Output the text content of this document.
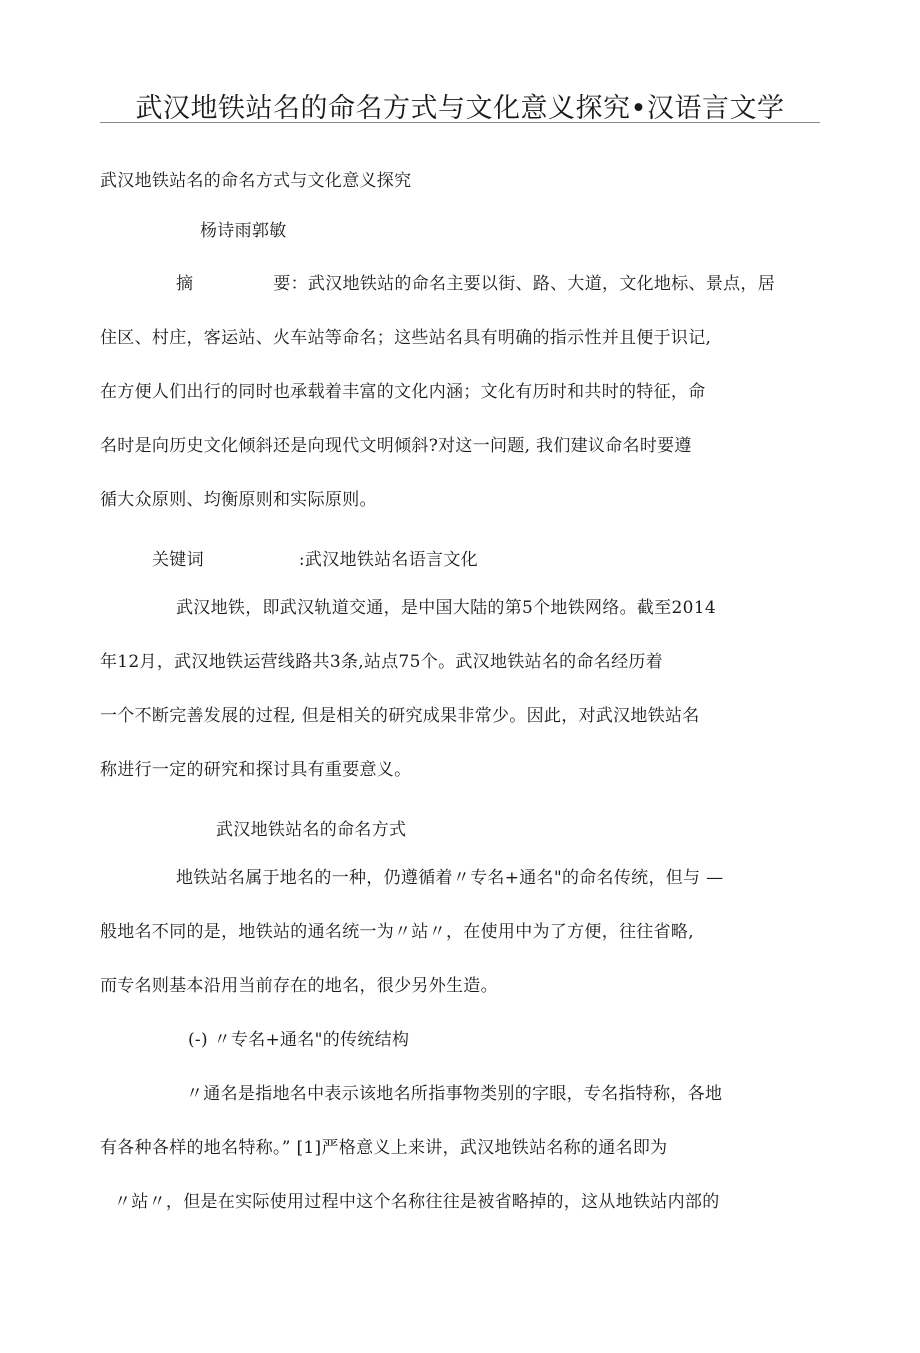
武汉地铁站名的命名方式与文化意义探究•汉语言文学
武汉地铁站名的命名方式与文化意义探究
杨诗雨郭敏
摘	要：武汉地铁站的命名主要以街、路、大道，文化地标、景点，居
住区、村庄，客运站、火车站等命名；这些站名具有明确的指示性并且便于识记,
在方便人们出行的同时也承载着丰富的文化内涵；文化有历时和共时的特征，命
名时是向历史文化倾斜还是向现代文明倾斜?对这一问题, 我们建议命名时要遵
循大众原则、均衡原则和实际原则。
关键词	:武汉地铁站名语言文化
武汉地铁，即武汉轨道交通，是中国大陆的第5个地铁网络。截至2014
年12月，武汉地铁运营线路共3条,站点75个。武汉地铁站名的命名经历着
一个不断完善发展的过程, 但是相关的研究成果非常少。因此，对武汉地铁站名
称进行一定的研究和探讨具有重要意义。
武汉地铁站名的命名方式
地铁站名属于地名的一种，仍遵循着〃专名+通名"的命名传统，但与 —
般地名不同的是，地铁站的通名统一为〃站〃，在使用中为了方便，往往省略,
而专名则基本沿用当前存在的地名，很少另外生造。
(-) 〃专名+通名"的传统结构
〃通名是指地名中表示该地名所指事物类别的字眼，专名指特称，各地
有各种各样的地名特称。” [1]严格意义上来讲，武汉地铁站名称的通名即为
〃站〃，但是在实际使用过程中这个名称往往是被省略掉的，这从地铁站内部的
